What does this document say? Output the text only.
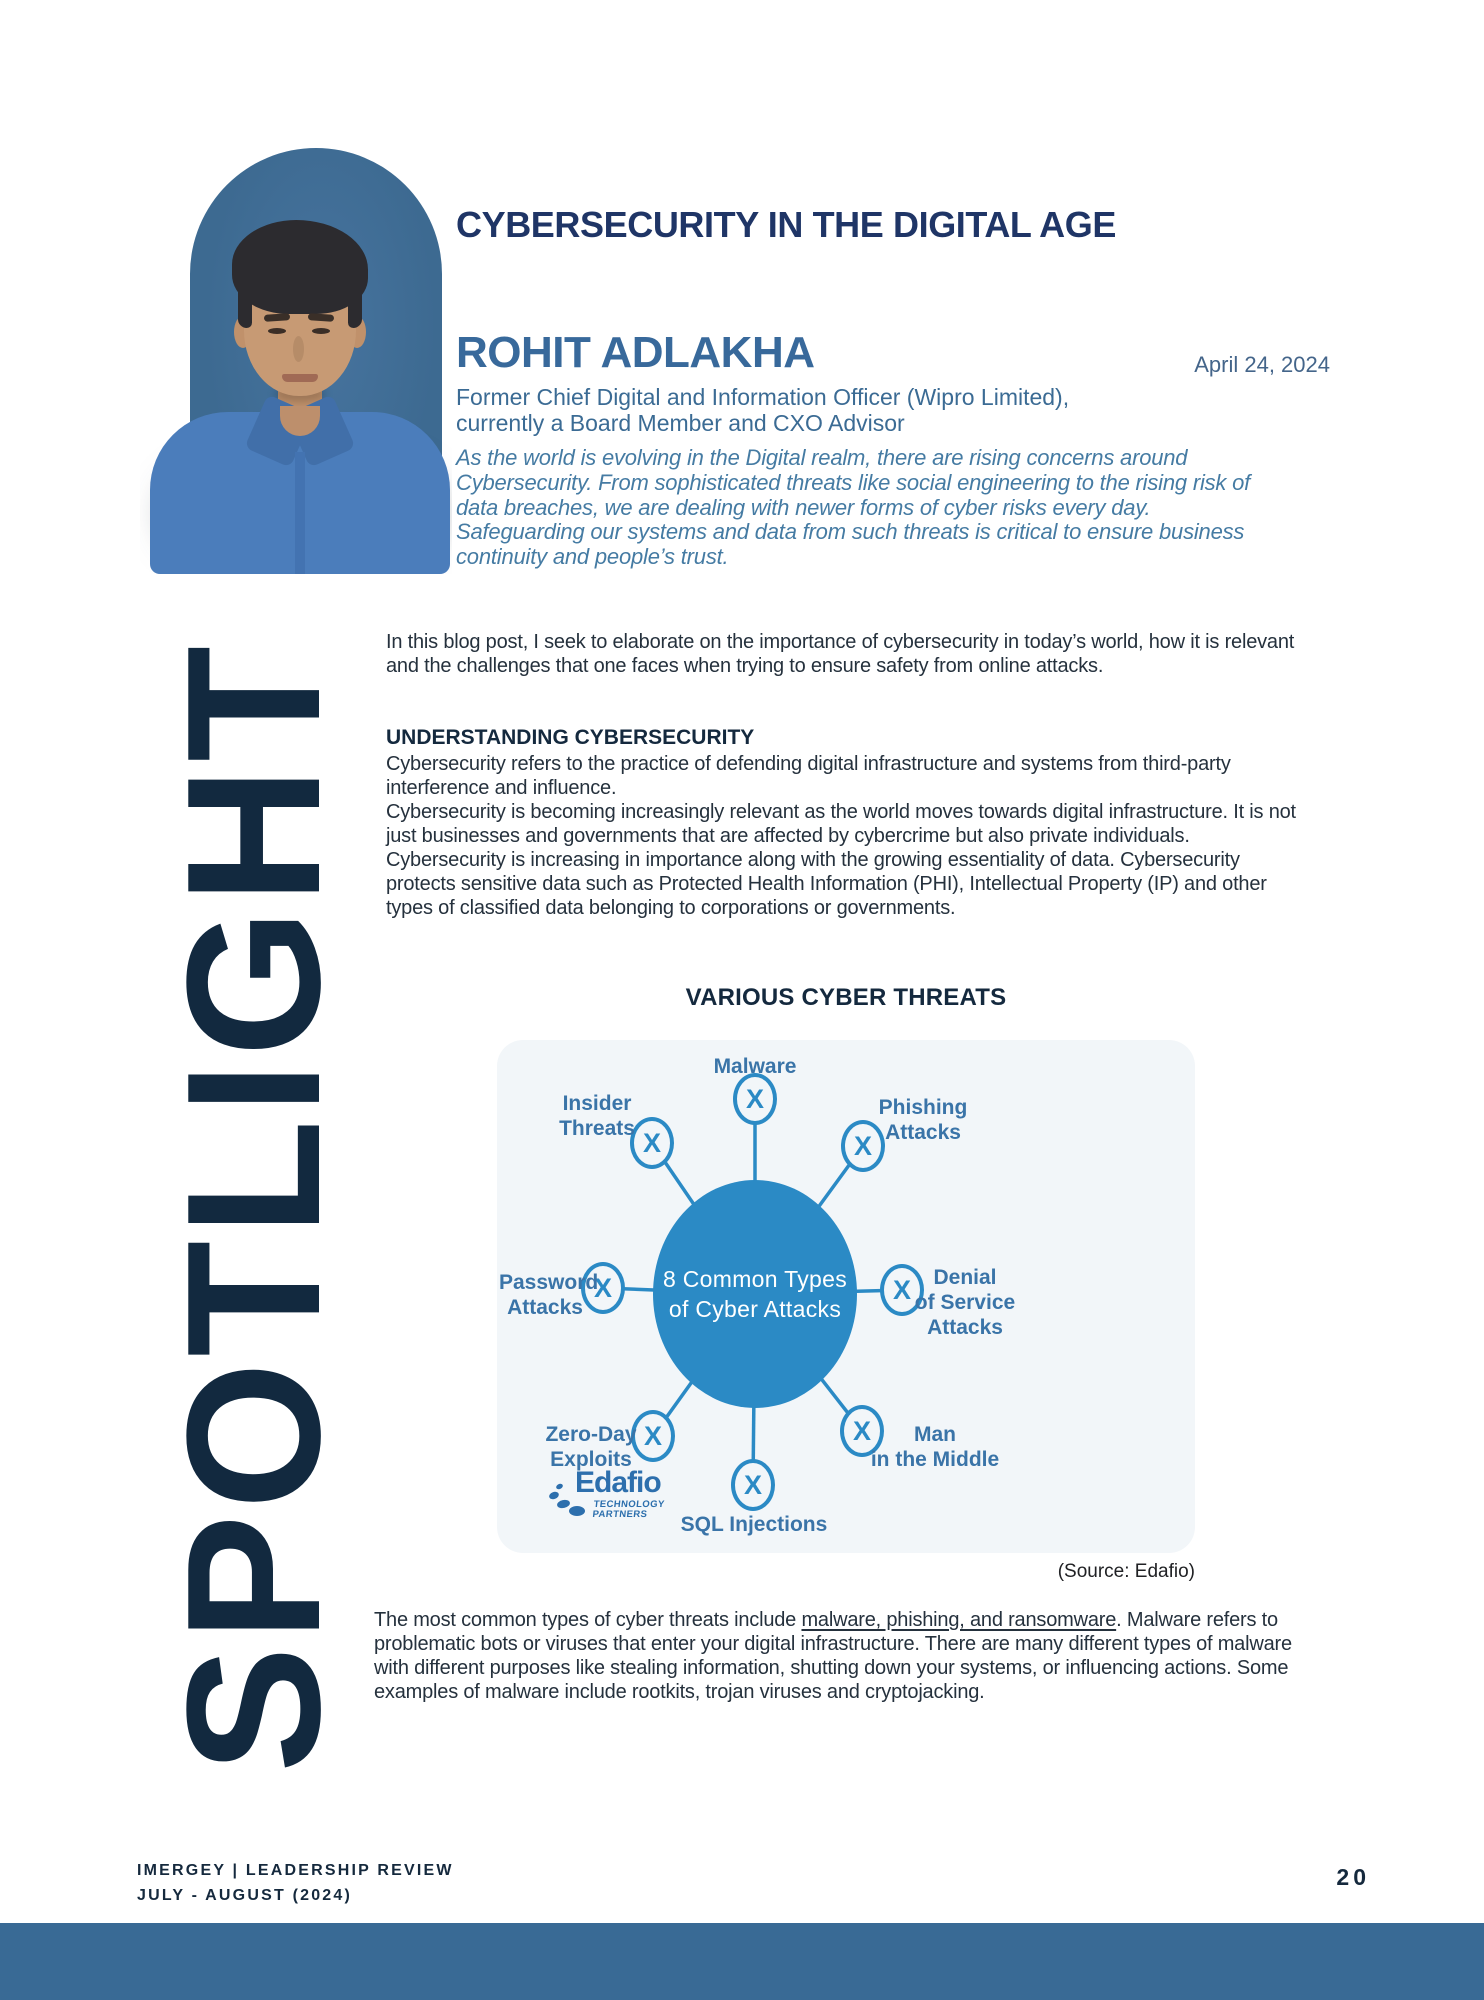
CYBERSECURITY IN THE DIGITAL AGE
ROHIT ADLAKHA	April 24, 2024
Former Chief Digital and Information Officer (Wipro Limited),
currently a Board Member and CXO Advisor
As the world is evolving in the Digital realm, there are rising concerns around Cybersecurity. From sophisticated threats like social engineering to the rising risk of data breaches, we are dealing with newer forms of cyber risks every day. Safeguarding our systems and data from such threats is critical to ensure business continuity and people’s trust.
SPOTLIGHT In this blog post, I seek to elaborate on the importance of cybersecurity in today’s world, how it is relevant and the challenges that one faces when trying to ensure safety from online attacks.
UNDERSTANDING CYBERSECURITY

Cybersecurity refers to the practice of defending digital infrastructure and systems from third-party interference and influence.

Cybersecurity is becoming increasingly relevant as the world moves towards digital infrastructure. It is not just businesses and governments that are affected by cybercrime but also private individuals.

Cybersecurity is increasing in importance along with the growing essentiality of data. Cybersecurity protects sensitive data such as Protected Health Information (PHI), Intellectual Property (IP) and other types of classified data belonging to corporations or governments.

VARIOUS CYBER THREATS
8 Common Types
of Cyber Attacks
X
X	X
X	X
X
X
X
Malware
Insider
Threats
Phishing
Attacks
Password
Attacks
Denial
of Service
Attacks
Zero-Day
Exploits
Man
in the Middle
SQL Injections
Edafio
TECHNOLOGY
PARTNERS
(Source: Edafio)
The most common types of cyber threats include malware, phishing, and ransomware. Malware refers to problematic bots or viruses that enter your digital infrastructure. There are many different types of malware with different purposes like stealing information, shutting down your systems, or influencing actions. Some examples of malware include rootkits, trojan viruses and cryptojacking.
IMERGEY | LEADERSHIP REVIEW
JULY - AUGUST (2024)
20
